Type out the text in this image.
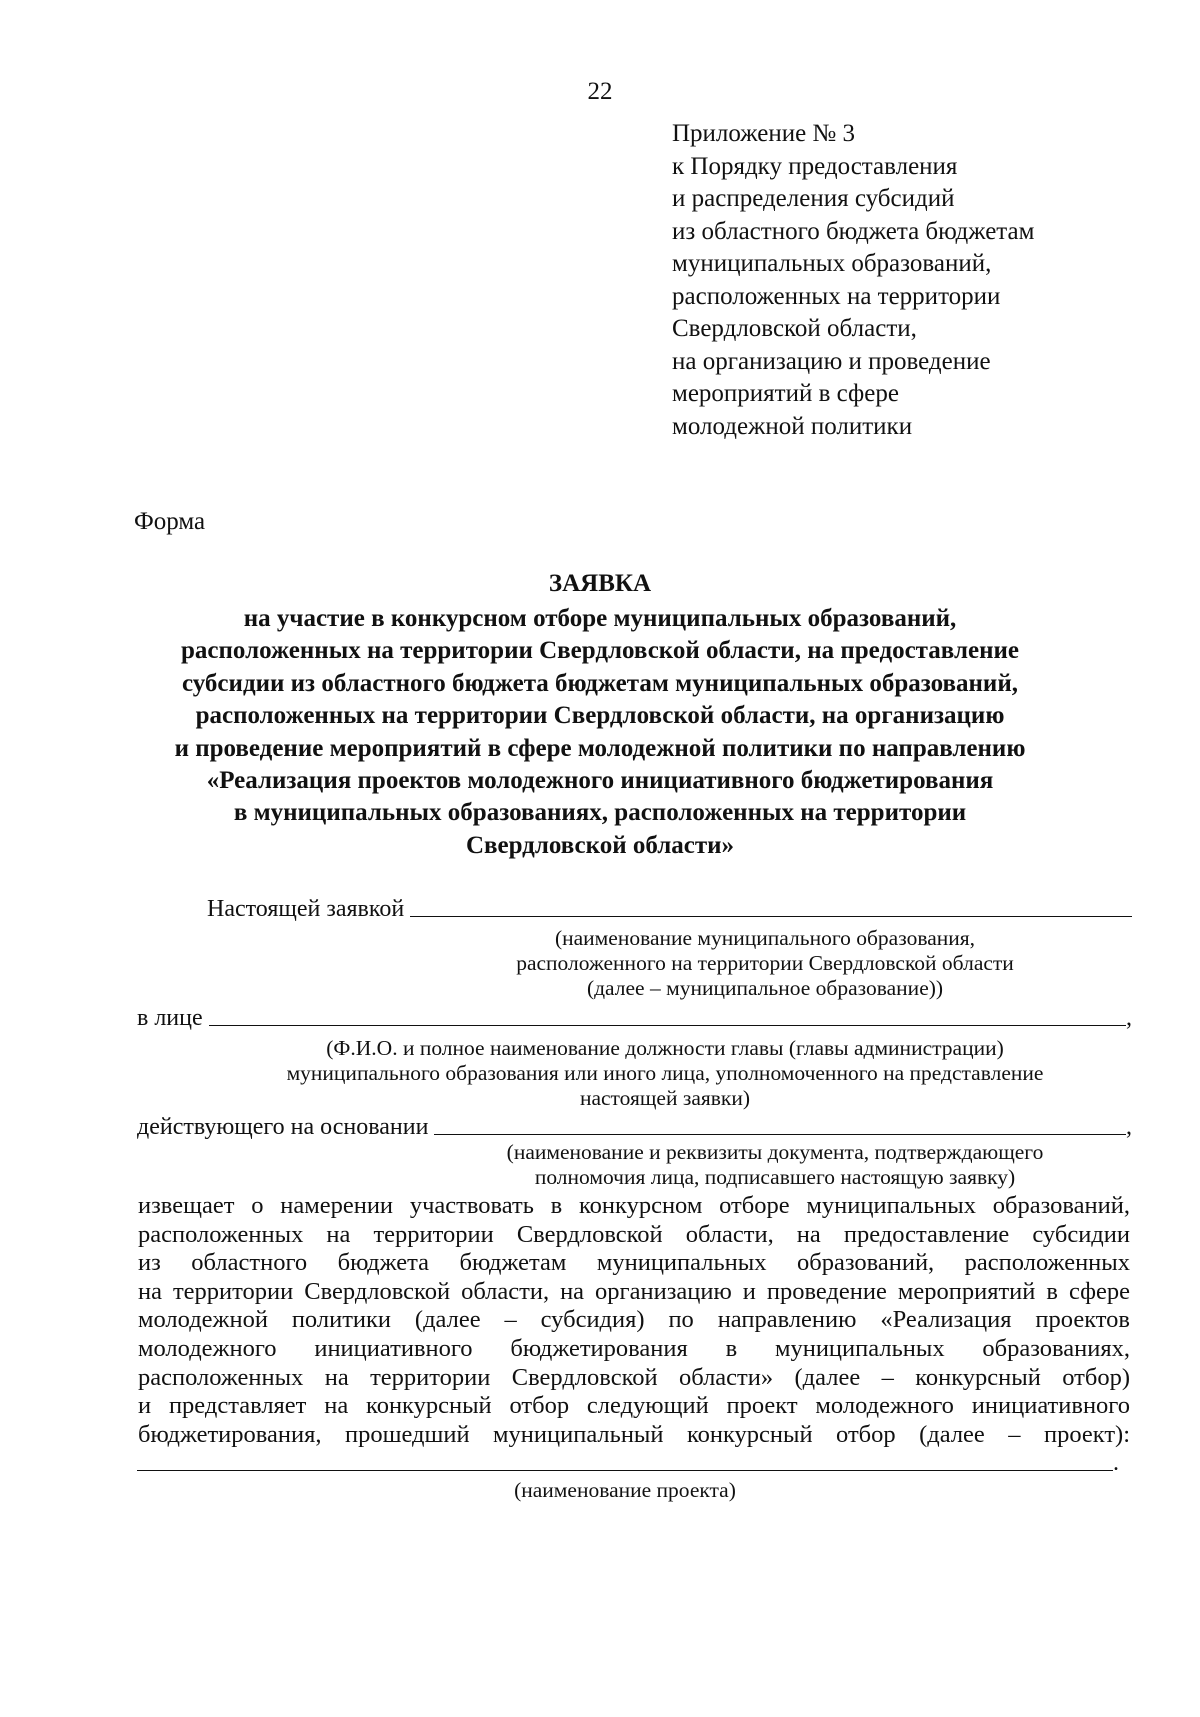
22
Приложение № 3
к Порядку предоставления
и распределения субсидий
из областного бюджета бюджетам
муниципальных образований,
расположенных на территории
Свердловской области,
на организацию и проведение
мероприятий в сфере
молодежной политики
Форма
ЗАЯВКА
на участие в конкурсном отборе муниципальных образований,
расположенных на территории Свердловской области, на предоставление
субсидии из областного бюджета бюджетам муниципальных образований,
расположенных на территории Свердловской области, на организацию
и проведение мероприятий в сфере молодежной политики по направлению
«Реализация проектов молодежного инициативного бюджетирования
в муниципальных образованиях, расположенных на территории
Свердловской области»
Настоящей заявкой
(наименование муниципального образования,
расположенного на территории Свердловской области
(далее – муниципальное образование))
в лице	,
(Ф.И.О. и полное наименование должности главы (главы администрации)
муниципального образования или иного лица, уполномоченного на представление
настоящей заявки)
действующего на основании	,
(наименование и реквизиты документа, подтверждающего
полномочия лица, подписавшего настоящую заявку)
извещает о намерении участвовать в конкурсном отборе муниципальных образований,
расположенных на территории Свердловской области, на предоставление субсидии
из областного бюджета бюджетам муниципальных образований, расположенных
на территории Свердловской области, на организацию и проведение мероприятий в сфере
молодежной политики (далее – субсидия) по направлению «Реализация проектов
молодежного инициативного бюджетирования в муниципальных образованиях,
расположенных на территории Свердловской области» (далее – конкурсный отбор)
и представляет на конкурсный отбор следующий проект молодежного инициативного
бюджетирования, прошедший муниципальный конкурсный отбор (далее – проект):
.
(наименование проекта)
